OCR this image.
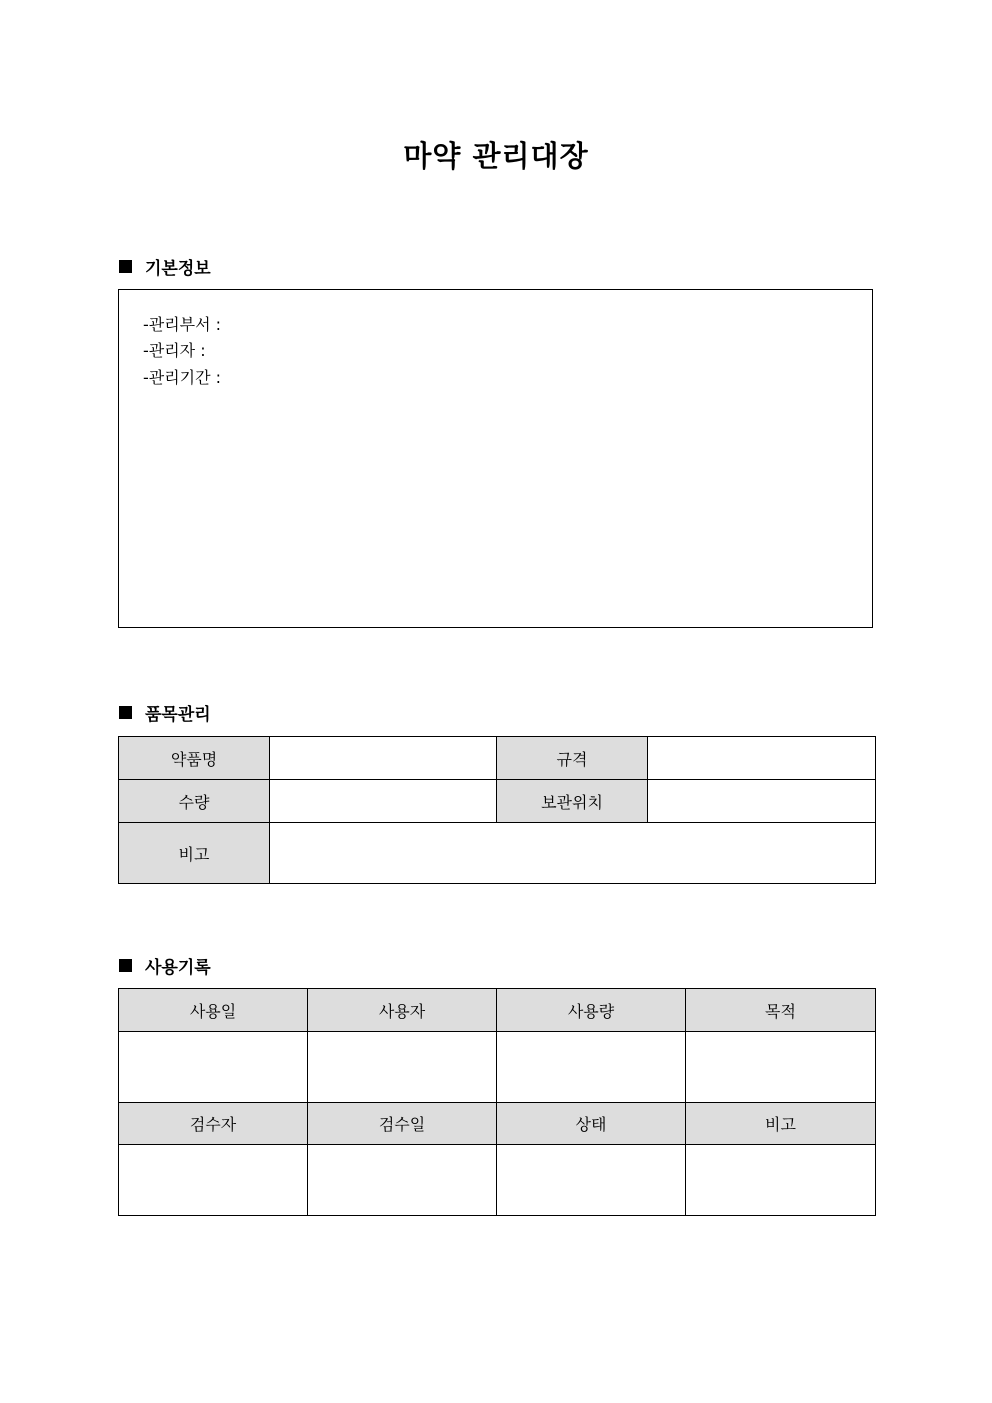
마약 관리대장
기본정보
-관리부서 :
-관리자 :
-관리기간 :
품목관리
약품명		규격	
수량		보관위치	
비고			
사용기록
사용일	사용자	사용량	목적

검수자	검수일	상태	비고
